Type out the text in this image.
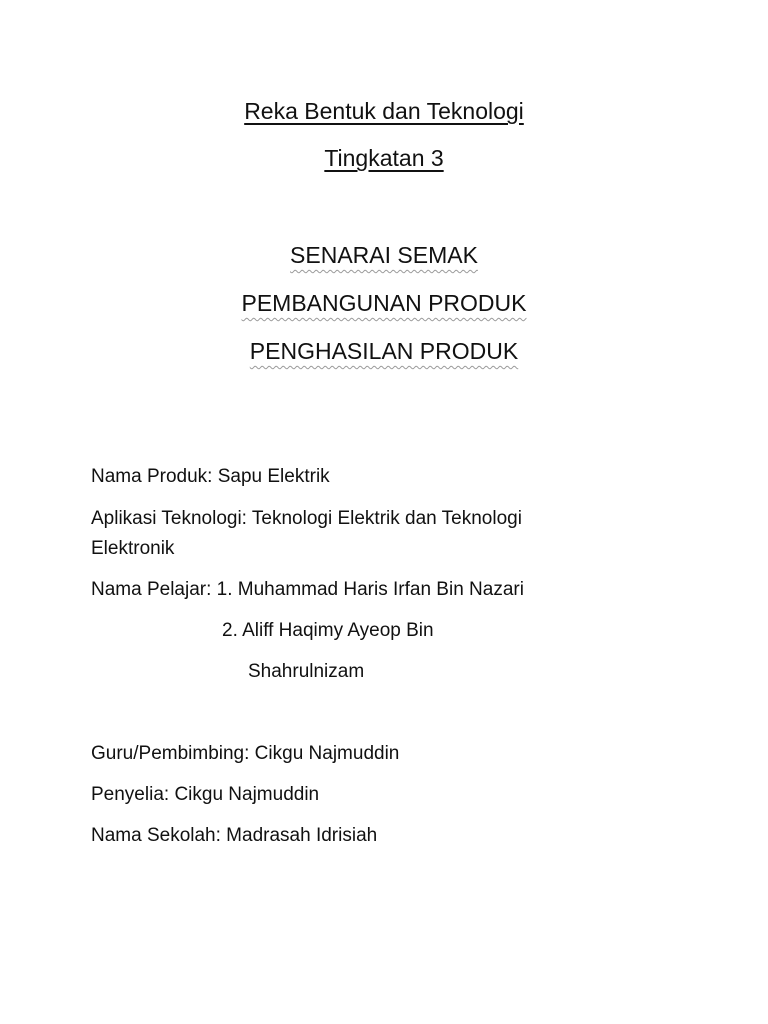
Reka Bentuk dan Teknologi
Tingkatan 3
SENARAI SEMAK
PEMBANGUNAN PRODUK
PENGHASILAN PRODUK
Nama Produk: Sapu Elektrik
Aplikasi Teknologi: Teknologi Elektrik dan Teknologi
Elektronik
Nama Pelajar: 1. Muhammad Haris Irfan Bin Nazari
2. Aliff Haqimy Ayeop Bin
Shahrulnizam
Guru/Pembimbing: Cikgu Najmuddin
Penyelia: Cikgu Najmuddin
Nama Sekolah: Madrasah Idrisiah
